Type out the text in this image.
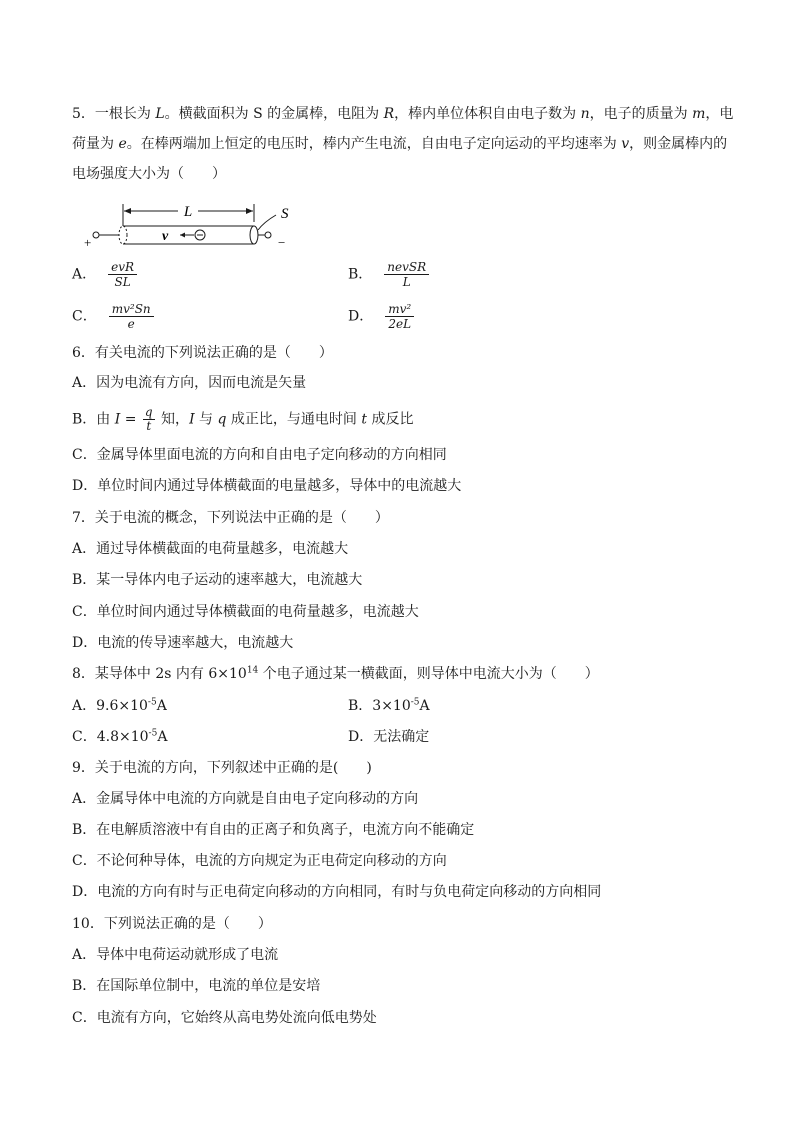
5．一根长为 L。横截面积为 S 的金属棒，电阻为 R，棒内单位体积自由电子数为 n，电子的质量为 m，电
荷量为 e。在棒两端加上恒定的电压时，棒内产生电流，自由电子定向运动的平均速率为 v，则金属棒内的
电场强度大小为（　　）
L
+	−
S
v
A． $\frac{\text{evR}}{SL}$	B． $\frac{\text{nevSR}}{L}$
C． $\frac{\text{mv²Sn}}{e}$	D． $\frac{\text{mv²}}{2eL}$
6．有关电流的下列说法正确的是（　　）
A．因为电流有方向，因而电流是矢量
B．由 $I = \frac{q}{t}$ 知，I 与 q 成正比，与通电时间 t 成反比
C．金属导体里面电流的方向和自由电子定向移动的方向相同
D．单位时间内通过导体横截面的电量越多，导体中的电流越大
7．关于电流的概念，下列说法中正确的是（　　）
A．通过导体横截面的电荷量越多，电流越大
B．某一导体内电子运动的速率越大，电流越大
C．单位时间内通过导体横截面的电荷量越多，电流越大
D．电流的传导速率越大，电流越大
8．某导体中 2s 内有 $6\times 10^{14}$ 个电子通过某一横截面，则导体中电流大小为（　　）
A．$9.6\times 10^{-5}A$	B．$3\times 10^{-5}A$
C．$4.8\times 10^{-5}A$	D．无法确定
9．关于电流的方向，下列叙述中正确的是(　　)
A．金属导体中电流的方向就是自由电子定向移动的方向
B．在电解质溶液中有自由的正离子和负离子，电流方向不能确定
C．不论何种导体，电流的方向规定为正电荷定向移动的方向
D．电流的方向有时与正电荷定向移动的方向相同，有时与负电荷定向移动的方向相同
10．下列说法正确的是（　　）
A．导体中电荷运动就形成了电流
B．在国际单位制中，电流的单位是安培
C．电流有方向，它始终从高电势处流向低电势处
